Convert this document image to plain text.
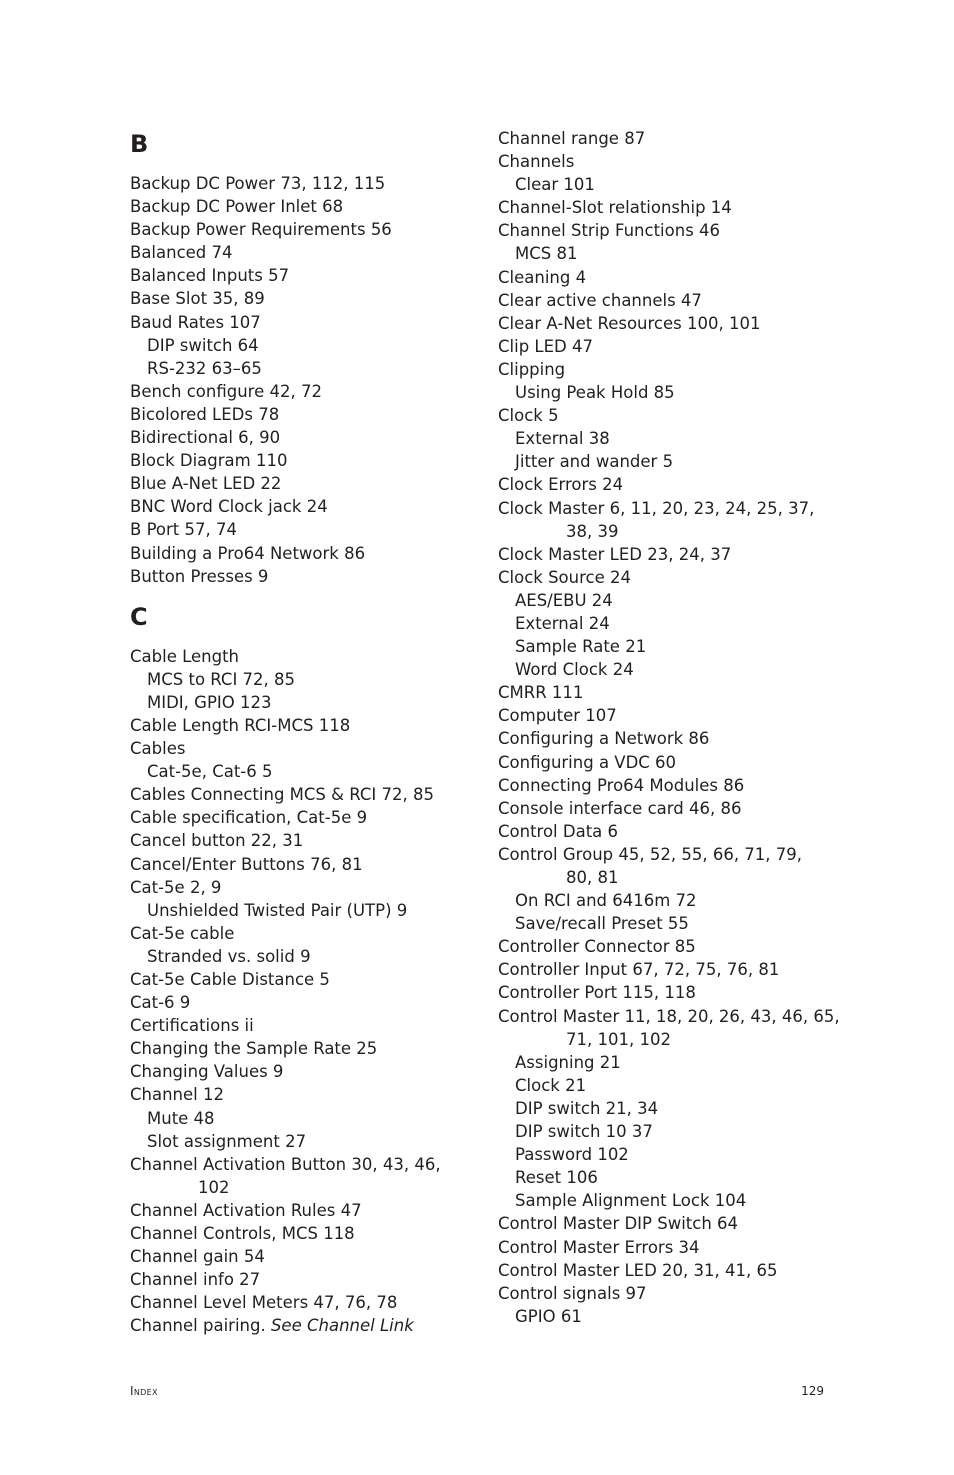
B
Backup DC Power 73, 112, 115
Backup DC Power Inlet 68
Backup Power Requirements 56
Balanced 74
Balanced Inputs 57
Base Slot 35, 89
Baud Rates 107
DIP switch 64
RS-232 63–65
Bench configure 42, 72
Bicolored LEDs 78
Bidirectional 6, 90
Block Diagram 110
Blue A-Net LED 22
BNC Word Clock jack 24
B Port 57, 74
Building a Pro64 Network 86
Button Presses 9
C
Cable Length
MCS to RCI 72, 85
MIDI, GPIO 123
Cable Length RCI-MCS 118
Cables
Cat-5e, Cat-6 5
Cables Connecting MCS & RCI 72, 85
Cable specification, Cat-5e 9
Cancel button 22, 31
Cancel/Enter Buttons 76, 81
Cat-5e 2, 9
Unshielded Twisted Pair (UTP) 9
Cat-5e cable
Stranded vs. solid 9
Cat-5e Cable Distance 5
Cat-6 9
Certifications ii
Changing the Sample Rate 25
Changing Values 9
Channel 12
Mute 48
Slot assignment 27
Channel Activation Button 30, 43, 46,
102
Channel Activation Rules 47
Channel Controls, MCS 118
Channel gain 54
Channel info 27
Channel Level Meters 47, 76, 78
Channel pairing. See Channel Link
Channel range 87
Channels
Clear 101
Channel-Slot relationship 14
Channel Strip Functions 46
MCS 81
Cleaning 4
Clear active channels 47
Clear A-Net Resources 100, 101
Clip LED 47
Clipping
Using Peak Hold 85
Clock 5
External 38
Jitter and wander 5
Clock Errors 24
Clock Master 6, 11, 20, 23, 24, 25, 37,
38, 39
Clock Master LED 23, 24, 37
Clock Source 24
AES/EBU 24
External 24
Sample Rate 21
Word Clock 24
CMRR 111
Computer 107
Configuring a Network 86
Configuring a VDC 60
Connecting Pro64 Modules 86
Console interface card 46, 86
Control Data 6
Control Group 45, 52, 55, 66, 71, 79,
80, 81
On RCI and 6416m 72
Save/recall Preset 55
Controller Connector 85
Controller Input 67, 72, 75, 76, 81
Controller Port 115, 118
Control Master 11, 18, 20, 26, 43, 46, 65,
71, 101, 102
Assigning 21
Clock 21
DIP switch 21, 34
DIP switch 10 37
Password 102
Reset 106
Sample Alignment Lock 104
Control Master DIP Switch 64
Control Master Errors 34
Control Master LED 20, 31, 41, 65
Control signals 97
GPIO 61
Index	129
